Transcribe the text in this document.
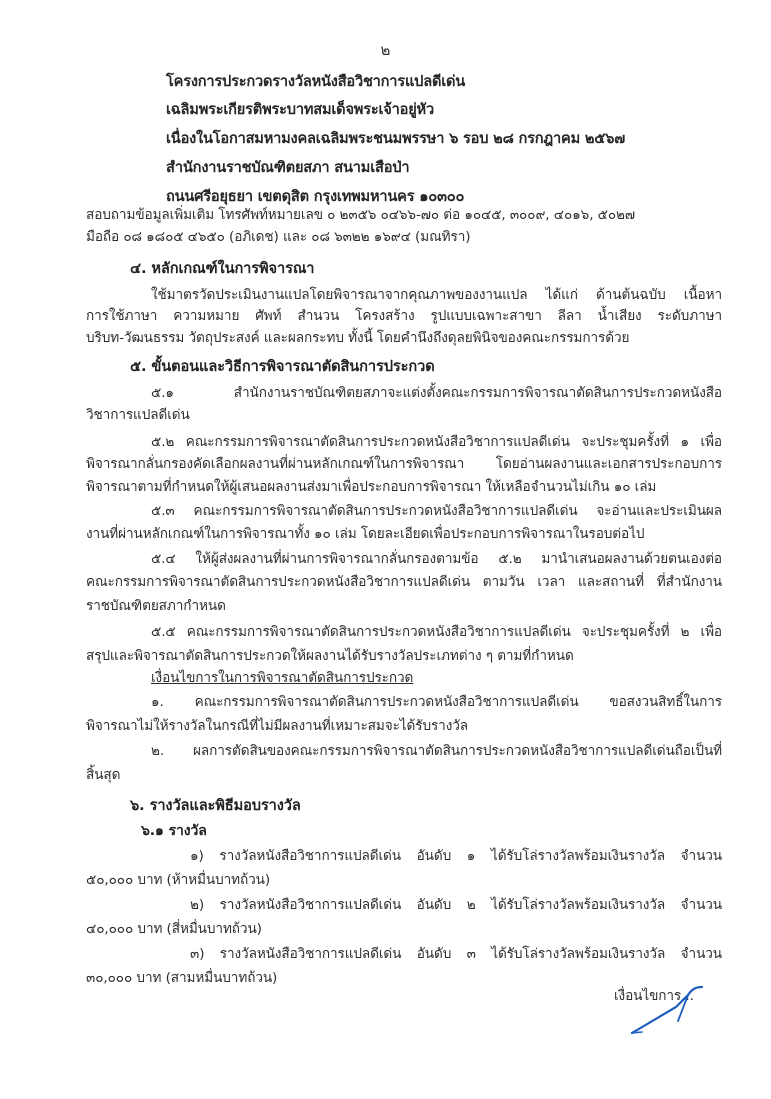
๒
โครงการประกวดรางวัลหนังสือวิชาการแปลดีเด่น
เฉลิมพระเกียรติพระบาทสมเด็จพระเจ้าอยู่หัว
เนื่องในโอกาสมหามงคลเฉลิมพระชนมพรรษา ๖ รอบ ๒๘ กรกฎาคม ๒๕๖๗
สำนักงานราชบัณฑิตยสภา สนามเสือป่า
ถนนศรีอยุธยา เขตดุสิต กรุงเทพมหานคร ๑๐๓๐๐
สอบถามข้อมูลเพิ่มเติม โทรศัพท์หมายเลข ๐ ๒๓๕๖ ๐๔๖๖-๗๐ ต่อ ๑๐๔๕, ๓๐๐๙, ๔๐๑๖, ๕๐๒๗
มือถือ ๐๘ ๑๘๐๕ ๔๖๕๐ (อภิเดช) และ ๐๘ ๖๓๒๒ ๑๖๙๔ (มณทิรา)
๔. หลักเกณฑ์ในการพิจารณา
ใช้มาตรวัดประเมินงานแปลโดยพิจารณาจากคุณภาพของงานแปล ได้แก่ ด้านต้นฉบับ เนื้อหา
การใช้ภาษา ความหมาย ศัพท์ สำนวน โครงสร้าง รูปแบบเฉพาะสาขา ลีลา น้ำเสียง ระดับภาษา
บริบท-วัฒนธรรม วัตถุประสงค์ และผลกระทบ ทั้งนี้ โดยคำนึงถึงดุลยพินิจของคณะกรรมการด้วย
๕. ขั้นตอนและวิธีการพิจารณาตัดสินการประกวด
๕.๑ สำนักงานราชบัณฑิตยสภาจะแต่งตั้งคณะกรรมการพิจารณาตัดสินการประกวดหนังสือ
วิชาการแปลดีเด่น
๕.๒ คณะกรรมการพิจารณาตัดสินการประกวดหนังสือวิชาการแปลดีเด่น จะประชุมครั้งที่ ๑ เพื่อ
พิจารณากลั่นกรองคัดเลือกผลงานที่ผ่านหลักเกณฑ์ในการพิจารณา โดยอ่านผลงานและเอกสารประกอบการ
พิจารณาตามที่กำหนดให้ผู้เสนอผลงานส่งมาเพื่อประกอบการพิจารณา ให้เหลือจำนวนไม่เกิน ๑๐ เล่ม
๕.๓ คณะกรรมการพิจารณาตัดสินการประกวดหนังสือวิชาการแปลดีเด่น จะอ่านและประเมินผล
งานที่ผ่านหลักเกณฑ์ในการพิจารณาทั้ง ๑๐ เล่ม โดยละเอียดเพื่อประกอบการพิจารณาในรอบต่อไป
๕.๔ ให้ผู้ส่งผลงานที่ผ่านการพิจารณากลั่นกรองตามข้อ ๕.๒ มานำเสนอผลงานด้วยตนเองต่อ
คณะกรรมการพิจารณาตัดสินการประกวดหนังสือวิชาการแปลดีเด่น ตามวัน เวลา และสถานที่ ที่สำนักงาน
ราชบัณฑิตยสภากำหนด
๕.๕ คณะกรรมการพิจารณาตัดสินการประกวดหนังสือวิชาการแปลดีเด่น จะประชุมครั้งที่ ๒ เพื่อ
สรุปและพิจารณาตัดสินการประกวดให้ผลงานได้รับรางวัลประเภทต่าง ๆ ตามที่กำหนด
เงื่อนไขการในการพิจารณาตัดสินการประกวด
๑. คณะกรรมการพิจารณาตัดสินการประกวดหนังสือวิชาการแปลดีเด่น ขอสงวนสิทธิ์ในการ
พิจารณาไม่ให้รางวัลในกรณีที่ไม่มีผลงานที่เหมาะสมจะได้รับรางวัล
๒. ผลการตัดสินของคณะกรรมการพิจารณาตัดสินการประกวดหนังสือวิชาการแปลดีเด่นถือเป็นที่
สิ้นสุด
๖. รางวัลและพิธีมอบรางวัล
๖.๑ รางวัล
๑) รางวัลหนังสือวิชาการแปลดีเด่น อันดับ ๑ ได้รับโล่รางวัลพร้อมเงินรางวัล จำนวน
๕๐,๐๐๐ บาท (ห้าหมื่นบาทถ้วน)
๒) รางวัลหนังสือวิชาการแปลดีเด่น อันดับ ๒ ได้รับโล่รางวัลพร้อมเงินรางวัล จำนวน
๔๐,๐๐๐ บาท (สี่หมื่นบาทถ้วน)
๓) รางวัลหนังสือวิชาการแปลดีเด่น อันดับ ๓ ได้รับโล่รางวัลพร้อมเงินรางวัล จำนวน
๓๐,๐๐๐ บาท (สามหมื่นบาทถ้วน)
เงื่อนไขการ...
